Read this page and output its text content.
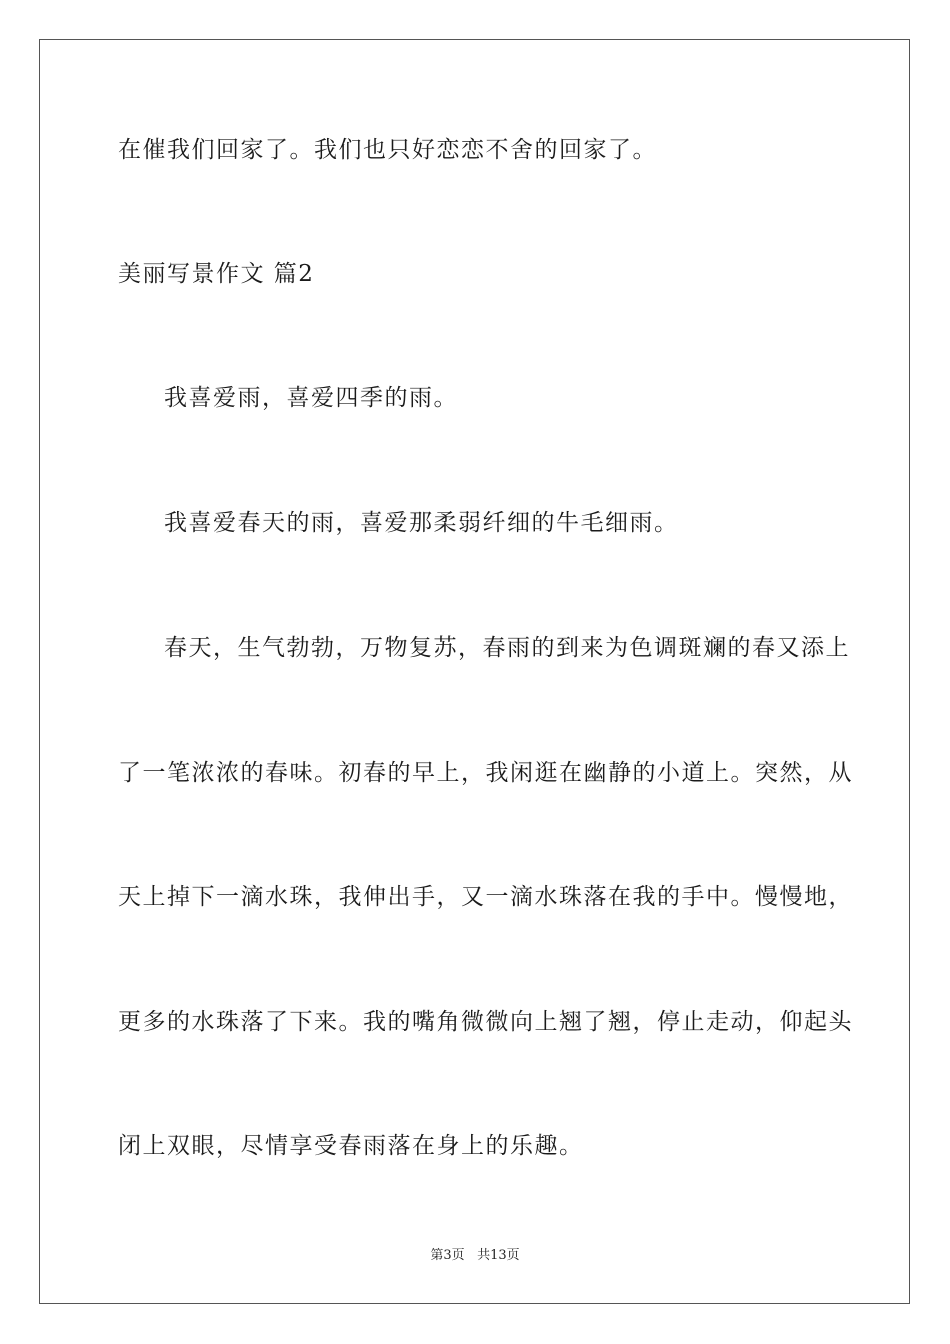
在催我们回家了。我们也只好恋恋不舍的回家了。
美丽写景作文 篇2
我喜爱雨，喜爱四季的雨。
我喜爱春天的雨，喜爱那柔弱纤细的牛毛细雨。
春天，生气勃勃，万物复苏，春雨的到来为色调斑斓的春又添上
了一笔浓浓的春味。初春的早上，我闲逛在幽静的小道上。突然，从
天上掉下一滴水珠，我伸出手，又一滴水珠落在我的手中。慢慢地，
更多的水珠落了下来。我的嘴角微微向上翘了翘，停止走动，仰起头
闭上双眼，尽情享受春雨落在身上的乐趣。
第3页 共13页
